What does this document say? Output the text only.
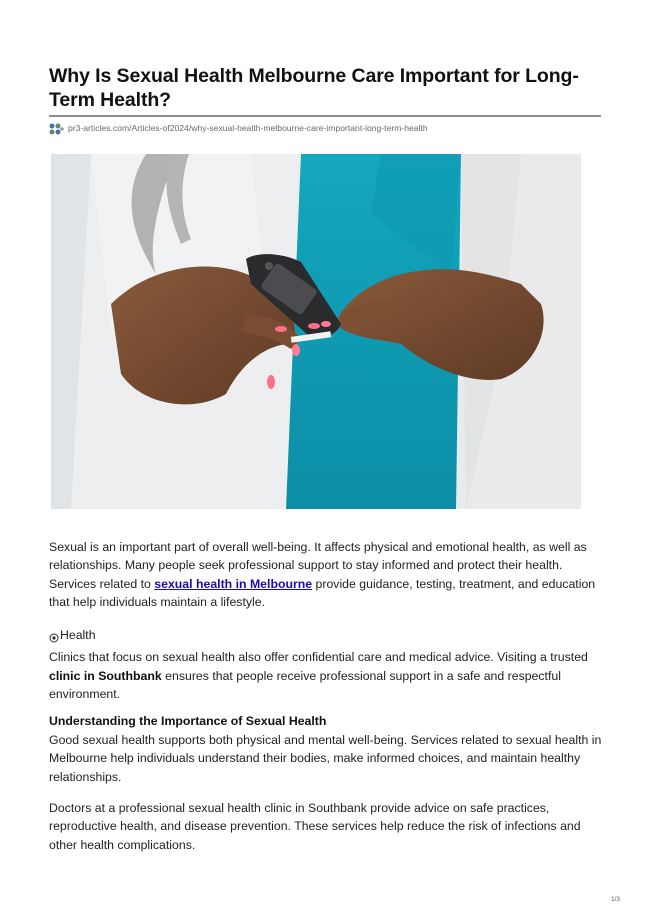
Why Is Sexual Health Melbourne Care Important for Long-Term Health?
pr3-articles.com/Articles-of2024/why-sexual-health-melbourne-care-important-long-term-health

Sexual is an important part of overall well-being. It affects physical and emotional health, as well as relationships. Many people seek professional support to stay informed and protect their health. Services related to sexual health in Melbourne provide guidance, testing, treatment, and education that help individuals maintain a lifestyle.

Health

Clinics that focus on sexual health also offer confidential care and medical advice. Visiting a trusted clinic in Southbank ensures that people receive professional support in a safe and respectful environment.

Understanding the Importance of Sexual Health

Good sexual health supports both physical and mental well-being. Services related to sexual health in Melbourne help individuals understand their bodies, make informed choices, and maintain healthy relationships.

Doctors at a professional sexual health clinic in Southbank provide advice on safe practices, reproductive health, and disease prevention. These services help reduce the risk of infections and other health complications.

1/3
